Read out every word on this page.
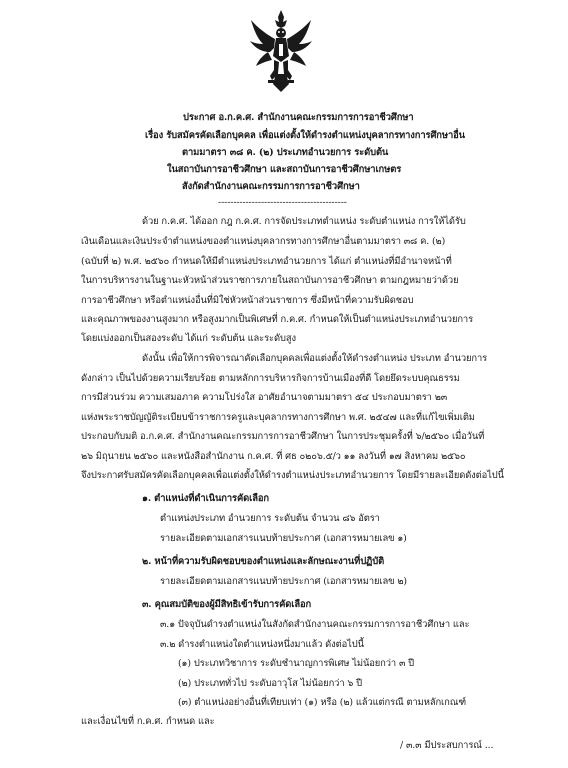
ประกาศ อ.ก.ค.ศ. สำนักงานคณะกรรมการการอาชีวศึกษา
เรื่อง รับสมัครคัดเลือกบุคคล เพื่อแต่งตั้งให้ดำรงตำแหน่งบุคลากรทางการศึกษาอื่น
ตามมาตรา ๓๘ ค. (๒) ประเภทอำนวยการ ระดับต้น
ในสถาบันการอาชีวศึกษา และสถาบันการอาชีวศึกษาเกษตร
สังกัดสำนักงานคณะกรรมการการอาชีวศึกษา
------------------------------------------
ด้วย ก.ค.ศ. ได้ออก กฎ ก.ค.ศ. การจัดประเภทตำแหน่ง ระดับตำแหน่ง การให้ได้รับ
เงินเดือนและเงินประจำตำแหน่งของตำแหน่งบุคลากรทางการศึกษาอื่นตามมาตรา ๓๘ ค. (๒)
(ฉบับที่ ๒) พ.ศ. ๒๕๖๐ กำหนดให้มีตำแหน่งประเภทอำนวยการ ได้แก่ ตำแหน่งที่มีอำนาจหน้าที่
ในการบริหารงานในฐานะหัวหน้าส่วนราชการภายในสถาบันการอาชีวศึกษา ตามกฎหมายว่าด้วย
การอาชีวศึกษา หรือตำแหน่งอื่นที่มิใช่หัวหน้าส่วนราชการ ซึ่งมีหน้าที่ความรับผิดชอบ
และคุณภาพของงานสูงมาก หรือสูงมากเป็นพิเศษที่ ก.ค.ศ. กำหนดให้เป็นตำแหน่งประเภทอำนวยการ
โดยแบ่งออกเป็นสองระดับ ได้แก่ ระดับต้น และระดับสูง
ดังนั้น เพื่อให้การพิจารณาคัดเลือกบุคคลเพื่อแต่งตั้งให้ดำรงตำแหน่ง ประเภท อำนวยการ
ดังกล่าว เป็นไปด้วยความเรียบร้อย ตามหลักการบริหารกิจการบ้านเมืองที่ดี โดยยึดระบบคุณธรรม
การมีส่วนร่วม ความเสมอภาค ความโปร่งใส อาศัยอำนาจตามมาตรา ๕๔ ประกอบมาตรา ๒๓
แห่งพระราชบัญญัติระเบียบข้าราชการครูและบุคลากรทางการศึกษา พ.ศ. ๒๕๔๗ และที่แก้ไขเพิ่มเติม
ประกอบกับมติ อ.ก.ค.ศ. สำนักงานคณะกรรมการการอาชีวศึกษา ในการประชุมครั้งที่ ๖/๒๕๖๐ เมื่อวันที่
๒๖ มิถุนายน ๒๕๖๐ และหนังสือสำนักงาน ก.ค.ศ. ที่ ศธ ๐๒๐๖.๕/ว ๑๑ ลงวันที่ ๑๗ สิงหาคม ๒๕๖๐
จึงประกาศรับสมัครคัดเลือกบุคคลเพื่อแต่งตั้งให้ดำรงตำแหน่งประเภทอำนวยการ โดยมีรายละเอียดดังต่อไปนี้
๑. ตำแหน่งที่ดำเนินการคัดเลือก
ตำแหน่งประเภท อำนวยการ ระดับต้น จำนวน ๘๖ อัตรา
รายละเอียดตามเอกสารแนบท้ายประกาศ (เอกสารหมายเลข ๑)
๒. หน้าที่ความรับผิดชอบของตำแหน่งและลักษณะงานที่ปฏิบัติ
รายละเอียดตามเอกสารแนบท้ายประกาศ (เอกสารหมายเลข ๒)
๓. คุณสมบัติของผู้มีสิทธิเข้ารับการคัดเลือก
๓.๑ ปัจจุบันดำรงตำแหน่งในสังกัดสำนักงานคณะกรรมการการอาชีวศึกษา และ
๓.๒ ดำรงตำแหน่งใดตำแหน่งหนึ่งมาแล้ว ดังต่อไปนี้
(๑) ประเภทวิชาการ ระดับชำนาญการพิเศษ ไม่น้อยกว่า ๓ ปี
(๒) ประเภททั่วไป ระดับอาวุโส ไม่น้อยกว่า ๖ ปี
(๓) ตำแหน่งอย่างอื่นที่เทียบเท่า (๑) หรือ (๒) แล้วแต่กรณี ตามหลักเกณฑ์
และเงื่อนไขที่ ก.ค.ศ. กำหนด และ
/ ๓.๓ มีประสบการณ์ ...
